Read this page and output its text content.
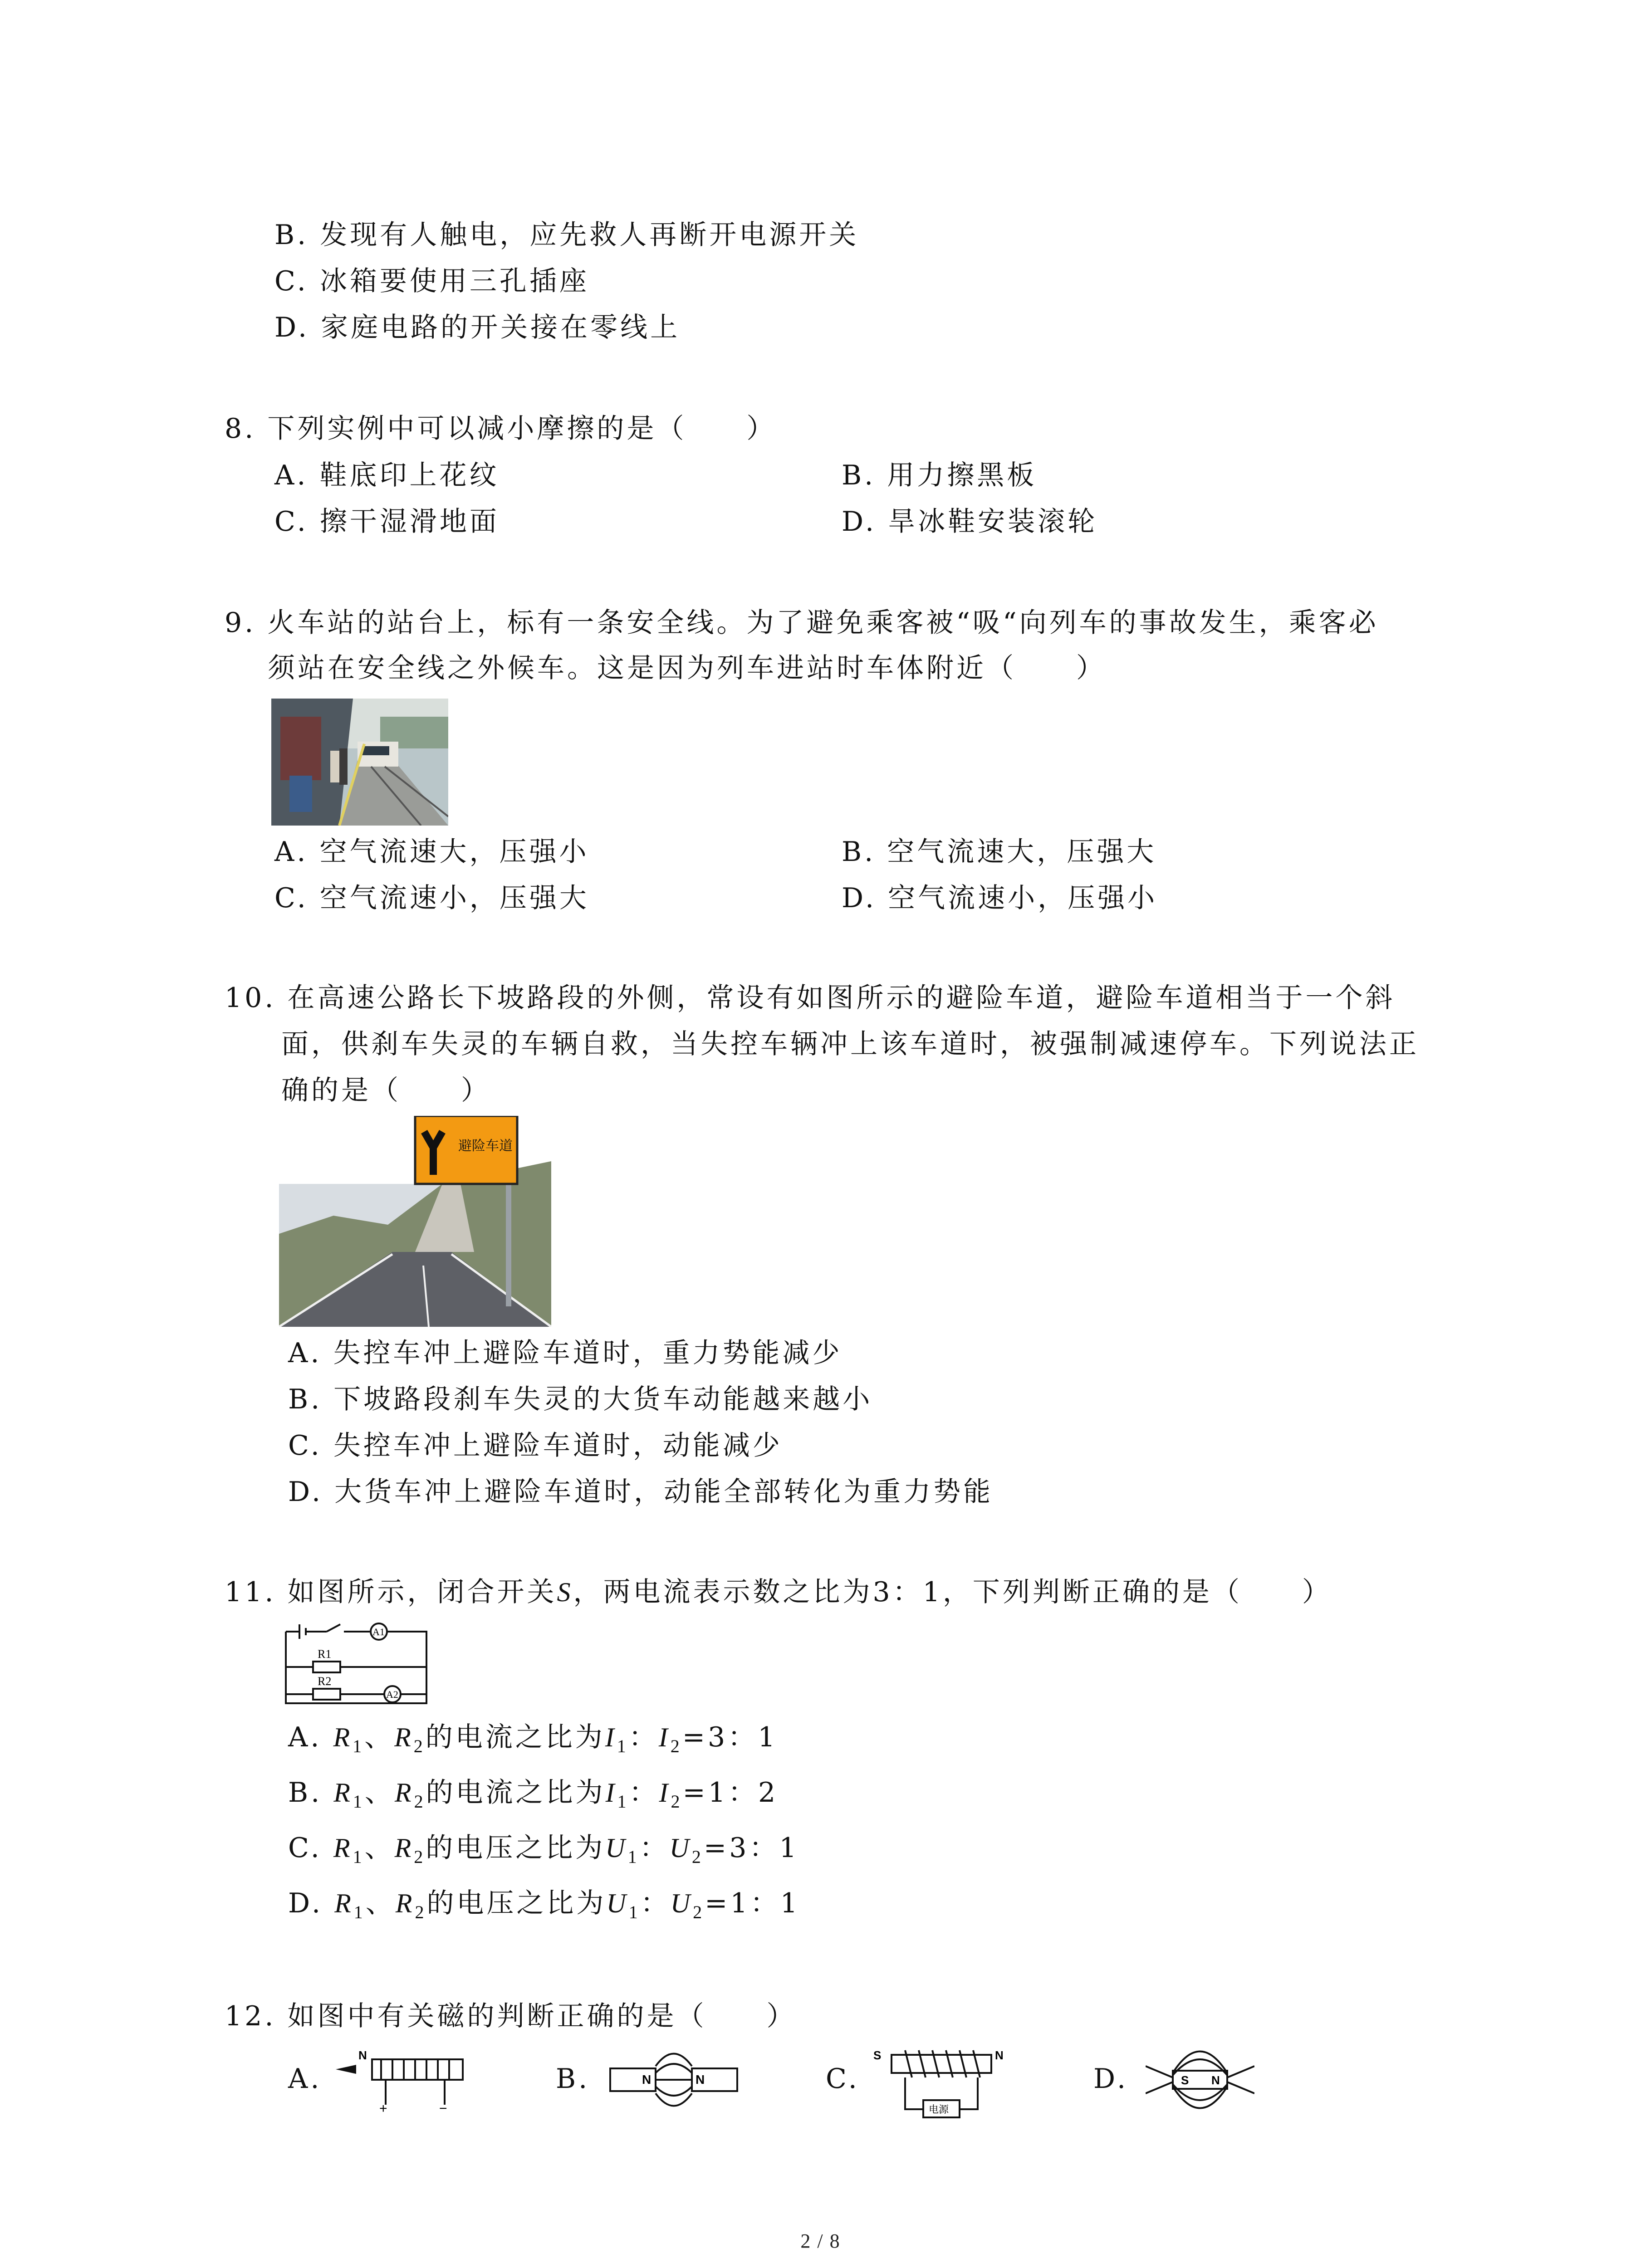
B. 发现有人触电，应先救人再断开电源开关
C. 冰箱要使用三孔插座
D. 家庭电路的开关接在零线上
8. 下列实例中可以减小摩擦的是（　　）
A. 鞋底印上花纹	B. 用力擦黑板
C. 擦干湿滑地面	D. 旱冰鞋安装滚轮
9. 火车站的站台上，标有一条安全线。为了避免乘客被“吸“向列车的事故发生，乘客必
须站在安全线之外候车。这是因为列车进站时车体附近（　　）
A. 空气流速大，压强小	B. 空气流速大，压强大
C. 空气流速小，压强大	D. 空气流速小，压强小
10. 在高速公路长下坡路段的外侧，常设有如图所示的避险车道，避险车道相当于一个斜
面，供刹车失灵的车辆自救，当失控车辆冲上该车道时，被强制减速停车。下列说法正
确的是（　　）
避险车道
A. 失控车冲上避险车道时，重力势能减少
B. 下坡路段刹车失灵的大货车动能越来越小
C. 失控车冲上避险车道时，动能减少
D. 大货车冲上避险车道时，动能全部转化为重力势能
11. 如图所示，闭合开关S，两电流表示数之比为3：1，下列判断正确的是（　　）
R1
R2
A1
A2
A. $R_1$、$R_2$的电流之比为$I_1$：$I_2=3$：1
B. $R_1$、$R_2$的电流之比为$I_1$：$I_2=1$：2
C. $R_1$、$R_2$的电压之比为$U_1$：$U_2=3$：1
D. $R_1$、$R_2$的电压之比为$U_1$：$U_2=1$：1
12. 如图中有关磁的判断正确的是（　　）
A.
N
+	−
B.	N	N	C.
S	N
电源
D.	S N
2 / 8
